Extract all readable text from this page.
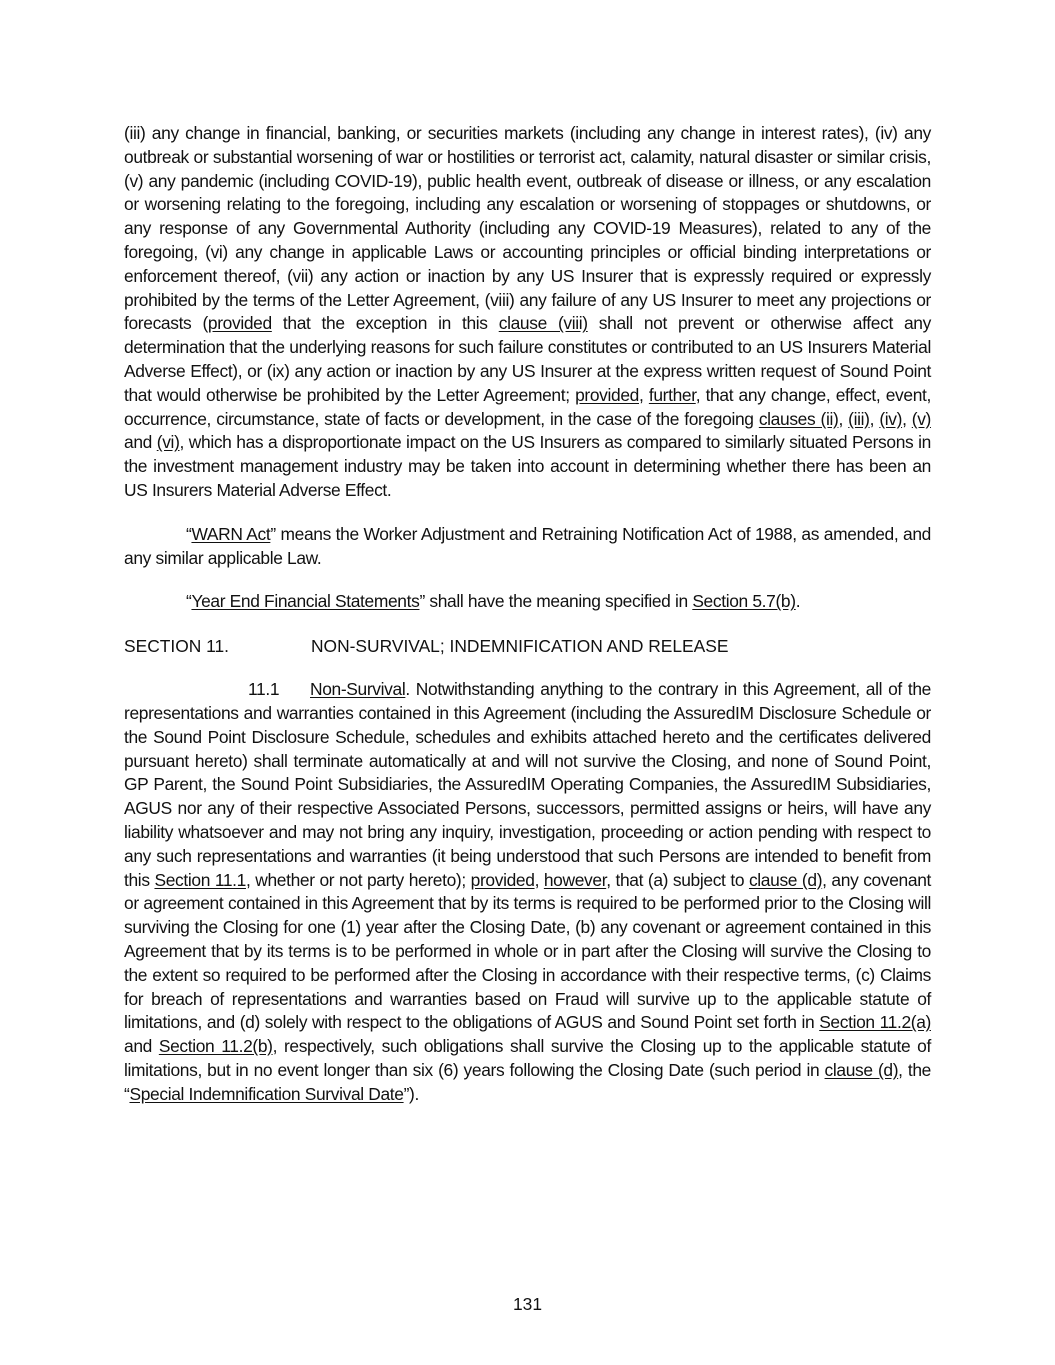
(iii) any change in financial, banking, or securities markets (including any change in interest rates), (iv) any outbreak or substantial worsening of war or hostilities or terrorist act, calamity, natural disaster or similar crisis, (v) any pandemic (including COVID-19), public health event, outbreak of disease or illness, or any escalation or worsening relating to the foregoing, including any escalation or worsening of stoppages or shutdowns, or any response of any Governmental Authority (including any COVID-19 Measures), related to any of the foregoing, (vi) any change in applicable Laws or accounting principles or official binding interpretations or enforcement thereof, (vii) any action or inaction by any US Insurer that is expressly required or expressly prohibited by the terms of the Letter Agreement, (viii) any failure of any US Insurer to meet any projections or forecasts (provided that the exception in this clause (viii) shall not prevent or otherwise affect any determination that the underlying reasons for such failure constitutes or contributed to an US Insurers Material Adverse Effect), or (ix) any action or inaction by any US Insurer at the express written request of Sound Point that would otherwise be prohibited by the Letter Agreement; provided, further, that any change, effect, event, occurrence, circumstance, state of facts or development, in the case of the foregoing clauses (ii), (iii), (iv), (v) and (vi), which has a disproportionate impact on the US Insurers as compared to similarly situated Persons in the investment management industry may be taken into account in determining whether there has been an US Insurers Material Adverse Effect.

“WARN Act” means the Worker Adjustment and Retraining Notification Act of 1988, as amended, and any similar applicable Law.

“Year End Financial Statements” shall have the meaning specified in Section 5.7(b).

SECTION 11.	NON-SURVIVAL; INDEMNIFICATION AND RELEASE

11.1 Non-Survival. Notwithstanding anything to the contrary in this Agreement, all of the representations and warranties contained in this Agreement (including the AssuredIM Disclosure Schedule or the Sound Point Disclosure Schedule, schedules and exhibits attached hereto and the certificates delivered pursuant hereto) shall terminate automatically at and will not survive the Closing, and none of Sound Point, GP Parent, the Sound Point Subsidiaries, the AssuredIM Operating Companies, the AssuredIM Subsidiaries, AGUS nor any of their respective Associated Persons, successors, permitted assigns or heirs, will have any liability whatsoever and may not bring any inquiry, investigation, proceeding or action pending with respect to any such representations and warranties (it being understood that such Persons are intended to benefit from this Section 11.1, whether or not party hereto); provided, however, that (a) subject to clause (d), any covenant or agreement contained in this Agreement that by its terms is required to be performed prior to the Closing will surviving the Closing for one (1) year after the Closing Date, (b) any covenant or agreement contained in this Agreement that by its terms is to be performed in whole or in part after the Closing will survive the Closing to the extent so required to be performed after the Closing in accordance with their respective terms, (c) Claims for breach of representations and warranties based on Fraud will survive up to the applicable statute of limitations, and (d) solely with respect to the obligations of AGUS and Sound Point set forth in Section 11.2(a) and Section 11.2(b), respectively, such obligations shall survive the Closing up to the applicable statute of limitations, but in no event longer than six (6) years following the Closing Date (such period in clause (d), the “Special Indemnification Survival Date”).

131
